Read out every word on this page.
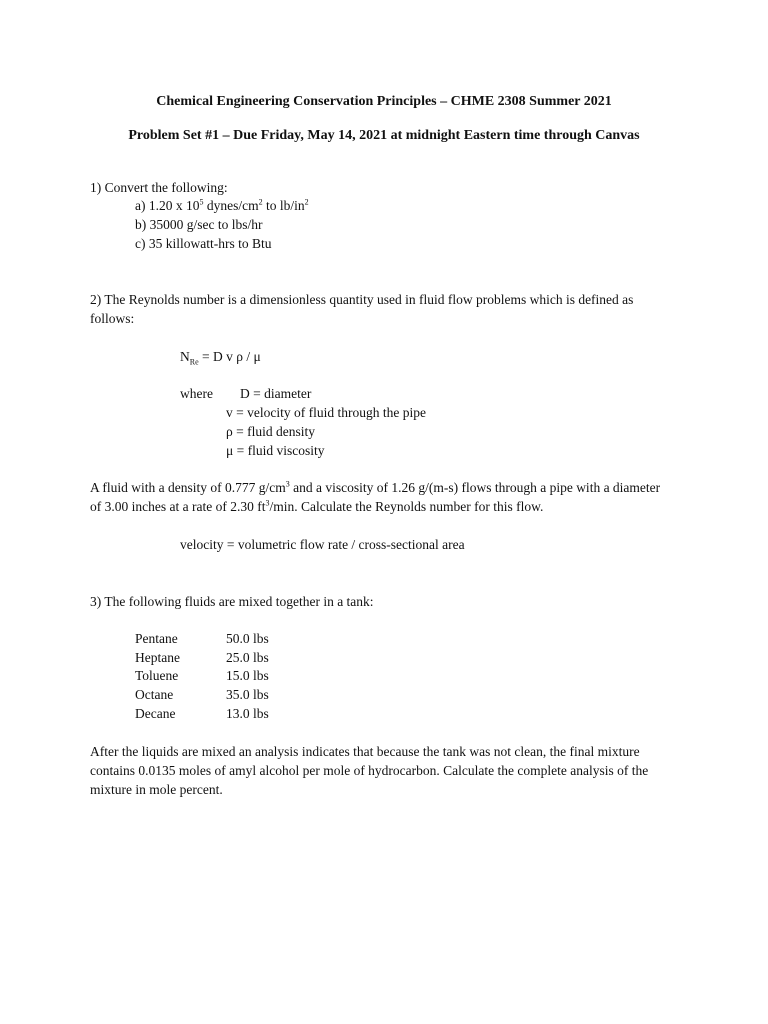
Chemical Engineering Conservation Principles – CHME 2308 Summer 2021
Problem Set #1 – Due Friday, May 14, 2021 at midnight Eastern time through Canvas
1) Convert the following:
a) 1.20 x $10^5$ dynes/$cm^2$ to $lb/in^2$
b) 35000 g/sec to lbs/hr
c) 35 killowatt-hrs to Btu
2) The Reynolds number is a dimensionless quantity used in fluid flow problems which is defined as
follows:
$N_{Re} = D$ v ρ / μ
where D = diameter
v = velocity of fluid through the pipe
ρ = fluid density
μ = fluid viscosity
A fluid with a density of 0.777 $g/cm^3$ and a viscosity of 1.26 g/(m-s) flows through a pipe with a diameter
of 3.00 inches at a rate of 2.30 $ft^3/\min$. Calculate the Reynolds number for this flow.
velocity = volumetric flow rate / cross-sectional area
3) The following fluids are mixed together in a tank:
Pentane	50.0 lbs
Heptane	25.0 lbs
Toluene	15.0 lbs
Octane	35.0 lbs
Decane	13.0 lbs
After the liquids are mixed an analysis indicates that because the tank was not clean, the final mixture
contains 0.0135 moles of amyl alcohol per mole of hydrocarbon. Calculate the complete analysis of the
mixture in mole percent.
